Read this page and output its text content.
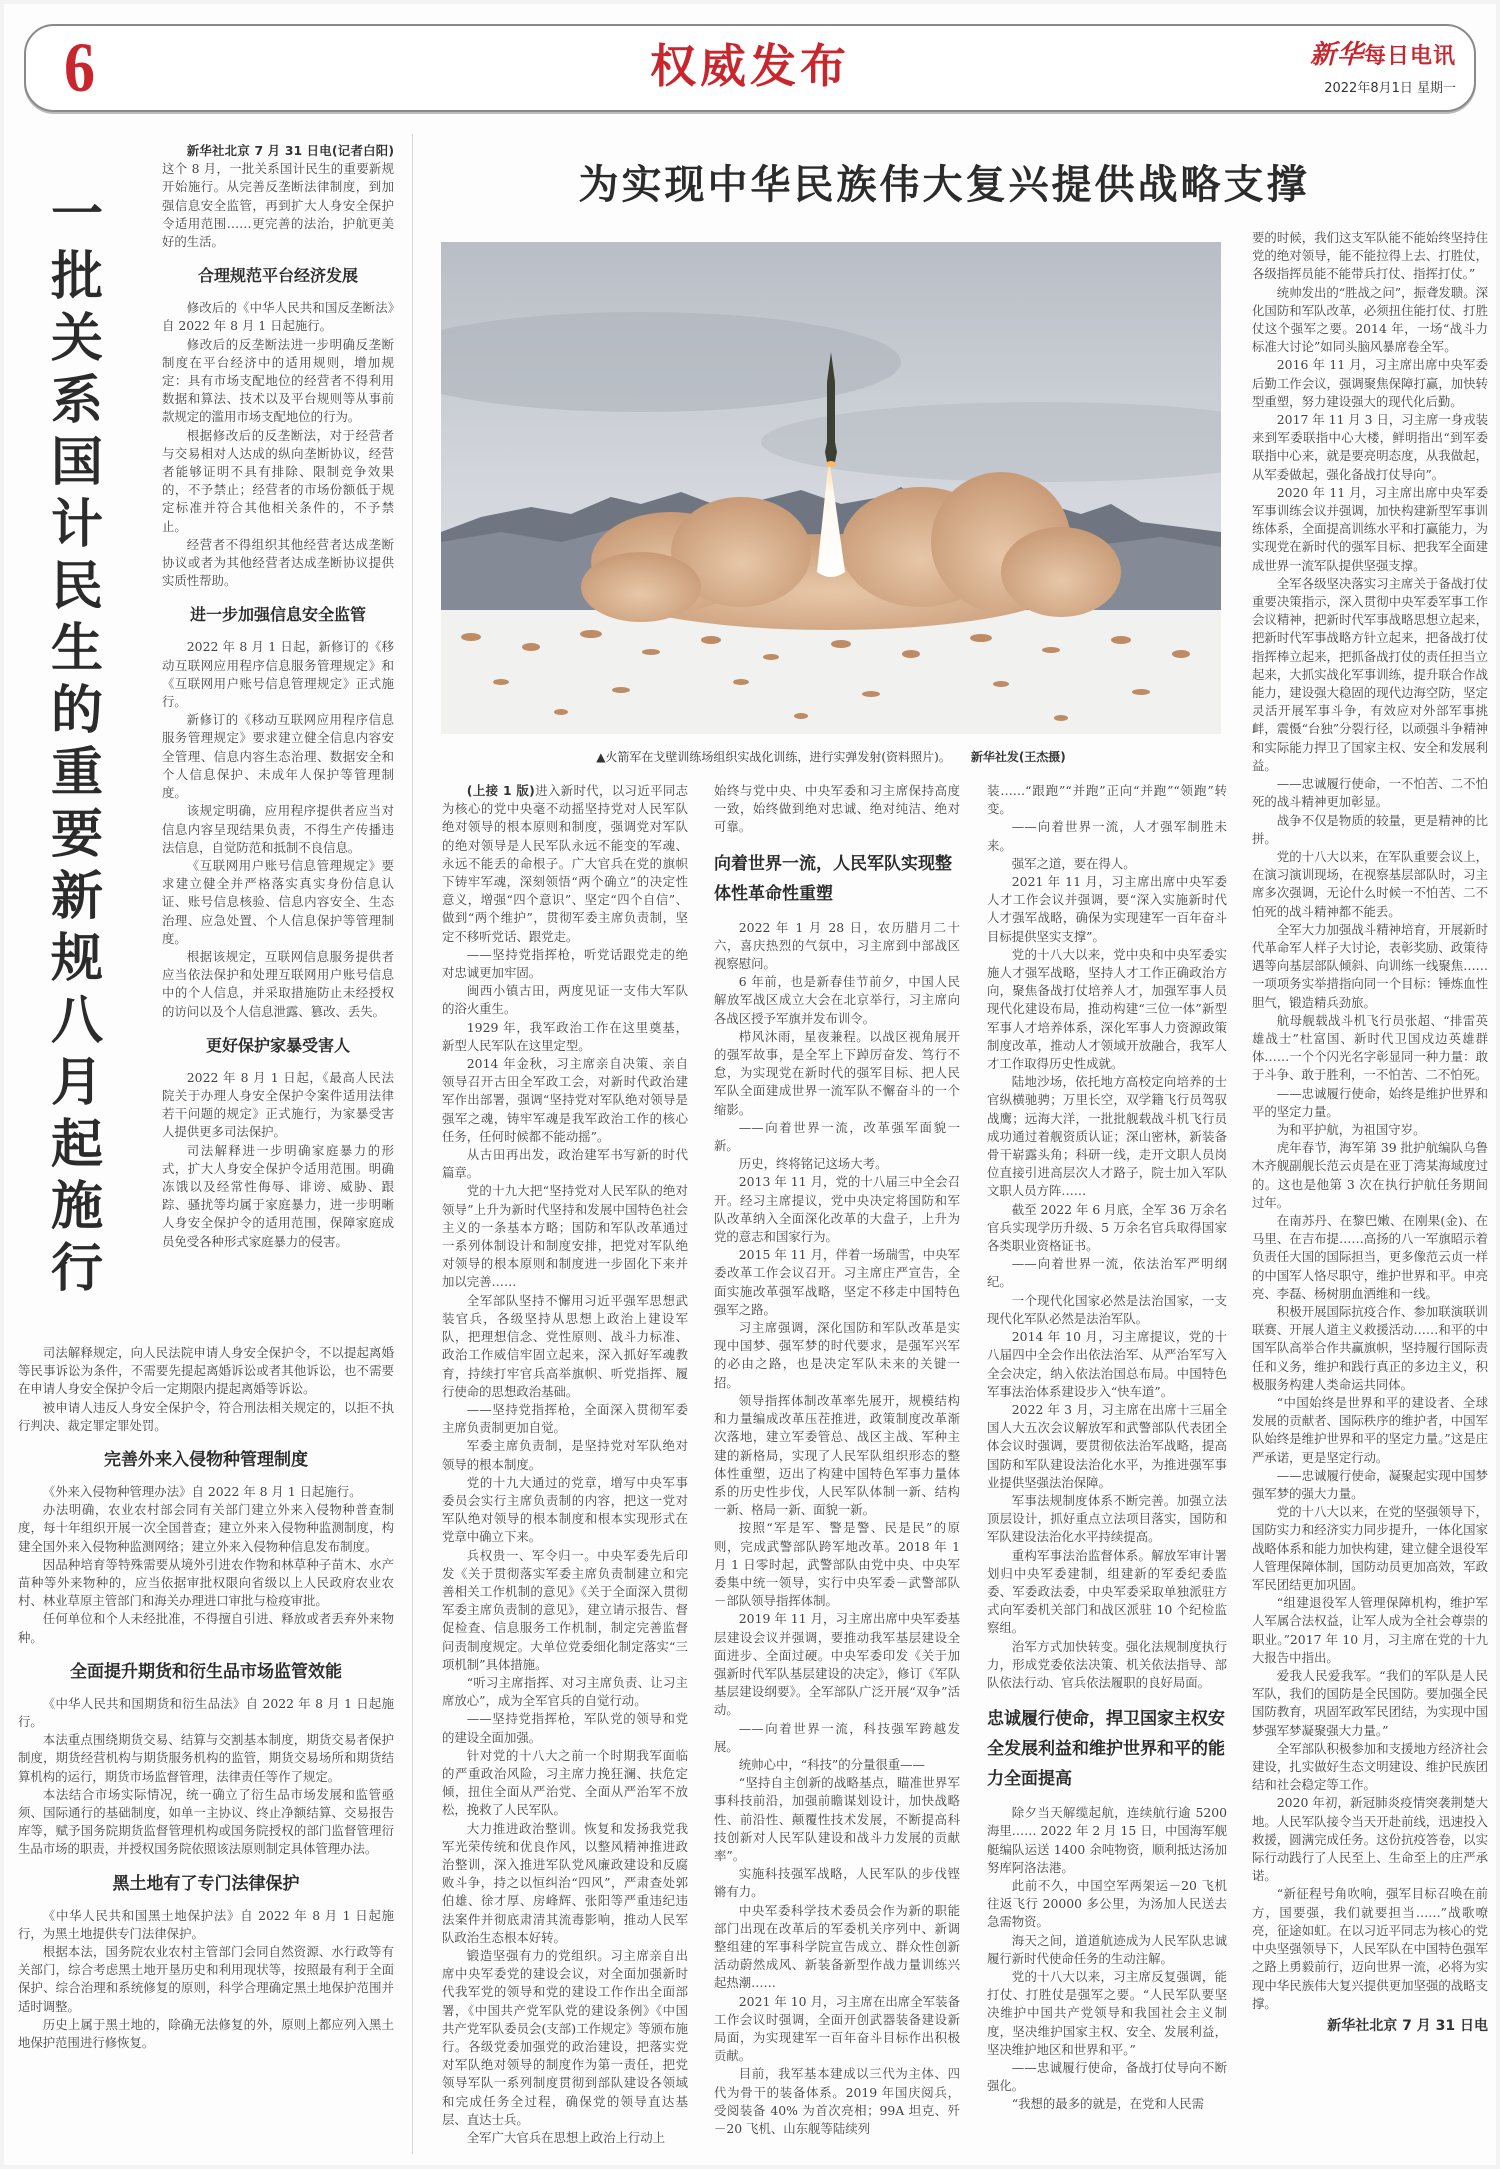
6	权威发布	新华每日电讯
2022年8月1日 星期一
一
批
关
系
国
计
民
生
的
重
要
新
规
八
月
起
施
行

新华社北京 7 月 31 日电(记者白阳)这个 8 月，一批关系国计民生的重要新规开始施行。从完善反垄断法律制度，到加强信息安全监管，再到扩大人身安全保护令适用范围……更完善的法治，护航更美好的生活。

合理规范平台经济发展

修改后的《中华人民共和国反垄断法》自 2022 年 8 月 1 日起施行。

修改后的反垄断法进一步明确反垄断制度在平台经济中的适用规则，增加规定：具有市场支配地位的经营者不得利用数据和算法、技术以及平台规则等从事前款规定的滥用市场支配地位的行为。

根据修改后的反垄断法，对于经营者与交易相对人达成的纵向垄断协议，经营者能够证明不具有排除、限制竞争效果的，不予禁止；经营者的市场份额低于规定标准并符合其他相关条件的，不予禁止。

经营者不得组织其他经营者达成垄断协议或者为其他经营者达成垄断协议提供实质性帮助。

进一步加强信息安全监管

2022 年 8 月 1 日起，新修订的《移动互联网应用程序信息服务管理规定》和《互联网用户账号信息管理规定》正式施行。

新修订的《移动互联网应用程序信息服务管理规定》要求建立健全信息内容安全管理、信息内容生态治理、数据安全和个人信息保护、未成年人保护等管理制度。

该规定明确，应用程序提供者应当对信息内容呈现结果负责，不得生产传播违法信息，自觉防范和抵制不良信息。

《互联网用户账号信息管理规定》要求建立健全并严格落实真实身份信息认证、账号信息核验、信息内容安全、生态治理、应急处置、个人信息保护等管理制度。

根据该规定，互联网信息服务提供者应当依法保护和处理互联网用户账号信息中的个人信息，并采取措施防止未经授权的访问以及个人信息泄露、篡改、丢失。

更好保护家暴受害人

2022 年 8 月 1 日起，《最高人民法院关于办理人身安全保护令案件适用法律若干问题的规定》正式施行，为家暴受害人提供更多司法保护。

司法解释进一步明确家庭暴力的形式，扩大人身安全保护令适用范围。明确冻饿以及经常性侮辱、诽谤、威胁、跟踪、骚扰等均属于家庭暴力，进一步明晰人身安全保护令的适用范围，保障家庭成员免受各种形式家庭暴力的侵害。

司法解释规定，向人民法院申请人身安全保护令，不以提起离婚等民事诉讼为条件，不需要先提起离婚诉讼或者其他诉讼，也不需要在申请人身安全保护令后一定期限内提起离婚等诉讼。

被申请人违反人身安全保护令，符合刑法相关规定的，以拒不执行判决、裁定罪定罪处罚。

完善外来入侵物种管理制度

《外来入侵物种管理办法》自 2022 年 8 月 1 日起施行。

办法明确，农业农村部会同有关部门建立外来入侵物种普查制度，每十年组织开展一次全国普查；建立外来入侵物种监测制度，构建全国外来入侵物种监测网络；建立外来入侵物种信息发布制度。

因品种培育等特殊需要从境外引进农作物和林草种子苗木、水产苗种等外来物种的，应当依据审批权限向省级以上人民政府农业农村、林业草原主管部门和海关办理进口审批与检疫审批。

任何单位和个人未经批准，不得擅自引进、释放或者丢弃外来物种。

全面提升期货和衍生品市场监管效能

《中华人民共和国期货和衍生品法》自 2022 年 8 月 1 日起施行。

本法重点围绕期货交易、结算与交割基本制度，期货交易者保护制度，期货经营机构与期货服务机构的监管，期货交易场所和期货结算机构的运行，期货市场监督管理，法律责任等作了规定。

本法结合市场实际情况，统一确立了衍生品市场发展和监管亟须、国际通行的基础制度，如单一主协议、终止净额结算、交易报告库等，赋予国务院期货监督管理机构或国务院授权的部门监督管理衍生品市场的职责，并授权国务院依照该法原则制定具体管理办法。

黑土地有了专门法律保护

《中华人民共和国黑土地保护法》自 2022 年 8 月 1 日起施行，为黑土地提供专门法律保护。

根据本法，国务院农业农村主管部门会同自然资源、水行政等有关部门，综合考虑黑土地开垦历史和利用现状等，按照最有利于全面保护、综合治理和系统修复的原则，科学合理确定黑土地保护范围并适时调整。

历史上属于黑土地的，除确无法修复的外，原则上都应列入黑土地保护范围进行修恢复。

为实现中华民族伟大复兴提供战略支撑
▲火箭军在戈壁训练场组织实战化训练，进行实弹发射(资料照片)。 新华社发(王杰摄)

(上接 1 版)进入新时代，以习近平同志为核心的党中央毫不动摇坚持党对人民军队绝对领导的根本原则和制度，强调党对军队的绝对领导是人民军队永远不能变的军魂、永远不能丢的命根子。广大官兵在党的旗帜下铸牢军魂，深刻领悟“两个确立”的决定性意义，增强“四个意识”、坚定“四个自信”、做到“两个维护”，贯彻军委主席负责制，坚定不移听党话、跟党走。

——坚持党指挥枪，听党话跟党走的绝对忠诚更加牢固。

闽西小镇古田，两度见证一支伟大军队的浴火重生。

1929 年，我军政治工作在这里奠基，新型人民军队在这里定型。

2014 年金秋，习主席亲自决策、亲自领导召开古田全军政工会，对新时代政治建军作出部署，强调“坚持党对军队绝对领导是强军之魂，铸牢军魂是我军政治工作的核心任务，任何时候都不能动摇”。

从古田再出发，政治建军书写新的时代篇章。

党的十九大把“坚持党对人民军队的绝对领导”上升为新时代坚持和发展中国特色社会主义的一条基本方略；国防和军队改革通过一系列体制设计和制度安排，把党对军队绝对领导的根本原则和制度进一步固化下来并加以完善……

全军部队坚持不懈用习近平强军思想武装官兵，各级坚持从思想上政治上建设军队，把理想信念、党性原则、战斗力标准、政治工作威信牢固立起来，深入抓好军魂教育，持续打牢官兵高举旗帜、听党指挥、履行使命的思想政治基础。

——坚持党指挥枪，全面深入贯彻军委主席负责制更加自觉。

军委主席负责制，是坚持党对军队绝对领导的根本制度。

党的十九大通过的党章，增写中央军事委员会实行主席负责制的内容，把这一党对军队绝对领导的根本制度和根本实现形式在党章中确立下来。

兵权贵一、军令归一。中央军委先后印发《关于贯彻落实军委主席负责制建立和完善相关工作机制的意见》《关于全面深入贯彻军委主席负责制的意见》，建立请示报告、督促检查、信息服务工作机制，制定完善监督问责制度规定。大单位党委细化制定落实“三项机制”具体措施。

“听习主席指挥、对习主席负责、让习主席放心”，成为全军官兵的自觉行动。

——坚持党指挥枪，军队党的领导和党的建设全面加强。

针对党的十八大之前一个时期我军面临的严重政治风险，习主席力挽狂澜、扶危定倾，扭住全面从严治党、全面从严治军不放松，挽救了人民军队。

大力推进政治整训。恢复和发扬我党我军光荣传统和优良作风，以整风精神推进政治整训，深入推进军队党风廉政建设和反腐败斗争，持之以恒纠治“四风”，严肃查处郭伯雄、徐才厚、房峰辉、张阳等严重违纪违法案件并彻底肃清其流毒影响，推动人民军队政治生态根本好转。

锻造坚强有力的党组织。习主席亲自出席中央军委党的建设会议，对全面加强新时代我军党的领导和党的建设工作作出全面部署，《中国共产党军队党的建设条例》《中国共产党军队委员会(支部)工作规定》等颁布施行。各级党委加强党的政治建设，把落实党对军队绝对领导的制度作为第一责任，把党领导军队一系列制度贯彻到部队建设各领域和完成任务全过程，确保党的领导直达基层、直达士兵。

全军广大官兵在思想上政治上行动上

始终与党中央、中央军委和习主席保持高度一致，始终做到绝对忠诚、绝对纯洁、绝对可靠。

向着世界一流，人民军队实现整体性革命性重塑

2022 年 1 月 28 日，农历腊月二十六，喜庆热烈的气氛中，习主席到中部战区视察慰问。

6 年前，也是新春佳节前夕，中国人民解放军战区成立大会在北京举行，习主席向各战区授予军旗并发布训令。

栉风沐雨，星夜兼程。以战区视角展开的强军故事，是全军上下踔厉奋发、笃行不怠，为实现党在新时代的强军目标、把人民军队全面建成世界一流军队不懈奋斗的一个缩影。

——向着世界一流，改革强军面貌一新。

历史，终将铭记这场大考。

2013 年 11 月，党的十八届三中全会召开。经习主席提议，党中央决定将国防和军队改革纳入全面深化改革的大盘子，上升为党的意志和国家行为。

2015 年 11 月，伴着一场瑞雪，中央军委改革工作会议召开。习主席庄严宣告，全面实施改革强军战略，坚定不移走中国特色强军之路。

习主席强调，深化国防和军队改革是实现中国梦、强军梦的时代要求，是强军兴军的必由之路，也是决定军队未来的关键一招。

领导指挥体制改革率先展开，规模结构和力量编成改革压茬推进，政策制度改革渐次落地，建立军委管总、战区主战、军种主建的新格局，实现了人民军队组织形态的整体性重塑，迈出了构建中国特色军事力量体系的历史性步伐，人民军队体制一新、结构一新、格局一新、面貌一新。

按照“军是军、警是警、民是民”的原则，完成武警部队跨军地改革。2018 年 1 月 1 日零时起，武警部队由党中央、中央军委集中统一领导，实行中央军委－武警部队－部队领导指挥体制。

2019 年 11 月，习主席出席中央军委基层建设会议并强调，要推动我军基层建设全面进步、全面过硬。中央军委印发《关于加强新时代军队基层建设的决定》，修订《军队基层建设纲要》。全军部队广泛开展“双争”活动。

——向着世界一流，科技强军跨越发展。

统帅心中，“科技”的分量很重——

“坚持自主创新的战略基点，瞄准世界军事科技前沿，加强前瞻谋划设计，加快战略性、前沿性、颠覆性技术发展，不断提高科技创新对人民军队建设和战斗力发展的贡献率”。

实施科技强军战略，人民军队的步伐铿锵有力。

中央军委科学技术委员会作为新的职能部门出现在改革后的军委机关序列中、新调整组建的军事科学院宣告成立、群众性创新活动蔚然成风、新装备新型作战力量训练兴起热潮……

2021 年 10 月，习主席在出席全军装备工作会议时强调，全面开创武器装备建设新局面，为实现建军一百年奋斗目标作出积极贡献。

目前，我军基本建成以三代为主体、四代为骨干的装备体系。2019 年国庆阅兵，受阅装备 40% 为首次亮相；99A 坦克、歼－20 飞机、山东舰等陆续列

装……“跟跑”“并跑”正向“并跑”“领跑”转变。

——向着世界一流，人才强军制胜未来。

强军之道，要在得人。

2021 年 11 月，习主席出席中央军委人才工作会议并强调，要“深入实施新时代人才强军战略，确保为实现建军一百年奋斗目标提供坚实支撑”。

党的十八大以来，党中央和中央军委实施人才强军战略，坚持人才工作正确政治方向，聚焦备战打仗培养人才，加强军事人员现代化建设布局，推动构建“三位一体”新型军事人才培养体系，深化军事人力资源政策制度改革，推动人才领域开放融合，我军人才工作取得历史性成就。

陆地沙场，依托地方高校定向培养的士官纵横驰骋；万里长空，双学籍飞行员驾驭战鹰；远海大洋，一批批舰载战斗机飞行员成功通过着舰资质认证；深山密林，新装备骨干崭露头角；科研一线，走开文职人员岗位直接引进高层次人才路子，院士加入军队文职人员方阵……

截至 2022 年 6 月底，全军 36 万余名官兵实现学历升级、5 万余名官兵取得国家各类职业资格证书。

——向着世界一流，依法治军严明纲纪。

一个现代化国家必然是法治国家，一支现代化军队必然是法治军队。

2014 年 10 月，习主席提议，党的十八届四中全会作出依法治军、从严治军写入全会决定，纳入依法治国总布局。中国特色军事法治体系建设步入“快车道”。

2022 年 3 月，习主席在出席十三届全国人大五次会议解放军和武警部队代表团全体会议时强调，要贯彻依法治军战略，提高国防和军队建设法治化水平，为推进强军事业提供坚强法治保障。

军事法规制度体系不断完善。加强立法顶层设计，抓好重点立法项目落实，国防和军队建设法治化水平持续提高。

重构军事法治监督体系。解放军审计署划归中央军委建制，组建新的军委纪委监委、军委政法委，中央军委采取单独派驻方式向军委机关部门和战区派驻 10 个纪检监察组。

治军方式加快转变。强化法规制度执行力，形成党委依法决策、机关依法指导、部队依法行动、官兵依法履职的良好局面。

忠诚履行使命，捍卫国家主权安全发展利益和维护世界和平的能力全面提高

除夕当天解缆起航，连续航行逾 5200 海里…… 2022 年 2 月 15 日，中国海军舰艇编队运送 1400 余吨物资，顺利抵达汤加努库阿洛法港。

此前不久，中国空军两架运－20 飞机往返飞行 20000 多公里，为汤加人民送去急需物资。

海天之间，道道航迹成为人民军队忠诚履行新时代使命任务的生动注解。

党的十八大以来，习主席反复强调，能打仗、打胜仗是强军之要。“人民军队要坚决维护中国共产党领导和我国社会主义制度，坚决维护国家主权、安全、发展利益，坚决维护地区和世界和平。”

——忠诚履行使命，备战打仗导向不断强化。

“我想的最多的就是，在党和人民需

要的时候，我们这支军队能不能始终坚持住党的绝对领导，能不能拉得上去、打胜仗，各级指挥员能不能带兵打仗、指挥打仗。”

统帅发出的“胜战之问”，振聋发聩。深化国防和军队改革，必须扭住能打仗、打胜仗这个强军之要。2014 年，一场“战斗力标准大讨论”如同头脑风暴席卷全军。

2016 年 11 月，习主席出席中央军委后勤工作会议，强调聚焦保障打赢，加快转型重塑，努力建设强大的现代化后勤。

2017 年 11 月 3 日，习主席一身戎装来到军委联指中心大楼，鲜明指出“到军委联指中心来，就是要亮明态度，从我做起，从军委做起，强化备战打仗导向”。

2020 年 11 月，习主席出席中央军委军事训练会议并强调，加快构建新型军事训练体系，全面提高训练水平和打赢能力，为实现党在新时代的强军目标、把我军全面建成世界一流军队提供坚强支撑。

全军各级坚决落实习主席关于备战打仗重要决策指示，深入贯彻中央军委军事工作会议精神，把新时代军事战略思想立起来，把新时代军事战略方针立起来，把备战打仗指挥棒立起来，把抓备战打仗的责任担当立起来，大抓实战化军事训练，提升联合作战能力，建设强大稳固的现代边海空防，坚定灵活开展军事斗争，有效应对外部军事挑衅，震慑“台独”分裂行径，以顽强斗争精神和实际能力捍卫了国家主权、安全和发展利益。

——忠诚履行使命，一不怕苦、二不怕死的战斗精神更加彰显。

战争不仅是物质的较量，更是精神的比拼。

党的十八大以来，在军队重要会议上，在演习演训现场，在视察基层部队时，习主席多次强调，无论什么时候一不怕苦、二不怕死的战斗精神都不能丢。

全军大力加强战斗精神培育，开展新时代革命军人样子大讨论，表彰奖励、政策待遇等向基层部队倾斜、向训练一线聚焦……一项项务实举措指向同一个目标：锤炼血性胆气，锻造精兵劲旅。

航母舰载战斗机飞行员张超、“排雷英雄战士”杜富国、新时代卫国戍边英雄群体……一个个闪光名字彰显同一种力量：敢于斗争、敢于胜利，一不怕苦、二不怕死。

——忠诚履行使命，始终是维护世界和平的坚定力量。

为和平护航，为祖国守岁。

虎年春节，海军第 39 批护航编队乌鲁木齐舰副舰长范云贞是在亚丁湾某海域度过的。这也是他第 3 次在执行护航任务期间过年。

在南苏丹、在黎巴嫩、在刚果(金)、在马里、在吉布提……高扬的八一军旗昭示着负责任大国的国际担当，更多像范云贞一样的中国军人恪尽职守，维护世界和平。申亮亮、李磊、杨树朋血洒维和一线。

积极开展国际抗疫合作、参加联演联训联赛、开展人道主义救援活动……和平的中国军队高举合作共赢旗帜，坚持履行国际责任和义务，维护和践行真正的多边主义，积极服务构建人类命运共同体。

“中国始终是世界和平的建设者、全球发展的贡献者、国际秩序的维护者，中国军队始终是维护世界和平的坚定力量。”这是庄严承诺，更是坚定行动。

——忠诚履行使命，凝聚起实现中国梦强军梦的强大力量。

党的十八大以来，在党的坚强领导下，国防实力和经济实力同步提升，一体化国家战略体系和能力加快构建，建立健全退役军人管理保障体制，国防动员更加高效，军政军民团结更加巩固。

“组建退役军人管理保障机构，维护军人军属合法权益，让军人成为全社会尊崇的职业。”2017 年 10 月，习主席在党的十九大报告中指出。

爱我人民爱我军。“我们的军队是人民军队，我们的国防是全民国防。要加强全民国防教育，巩固军政军民团结，为实现中国梦强军梦凝聚强大力量。”

全军部队积极参加和支援地方经济社会建设，扎实做好生态文明建设、维护民族团结和社会稳定等工作。

2020 年初，新冠肺炎疫情突袭荆楚大地。人民军队接令当天开赴前线，迅速投入救援，圆满完成任务。这份抗疫答卷，以实际行动践行了人民至上、生命至上的庄严承诺。

“新征程号角吹响，强军目标召唤在前方，国要强，我们就要担当……”战歌嘹亮，征途如虹。在以习近平同志为核心的党中央坚强领导下，人民军队在中国特色强军之路上勇毅前行，迈向世界一流，必将为实现中华民族伟大复兴提供更加坚强的战略支撑。

新华社北京 7 月 31 日电
